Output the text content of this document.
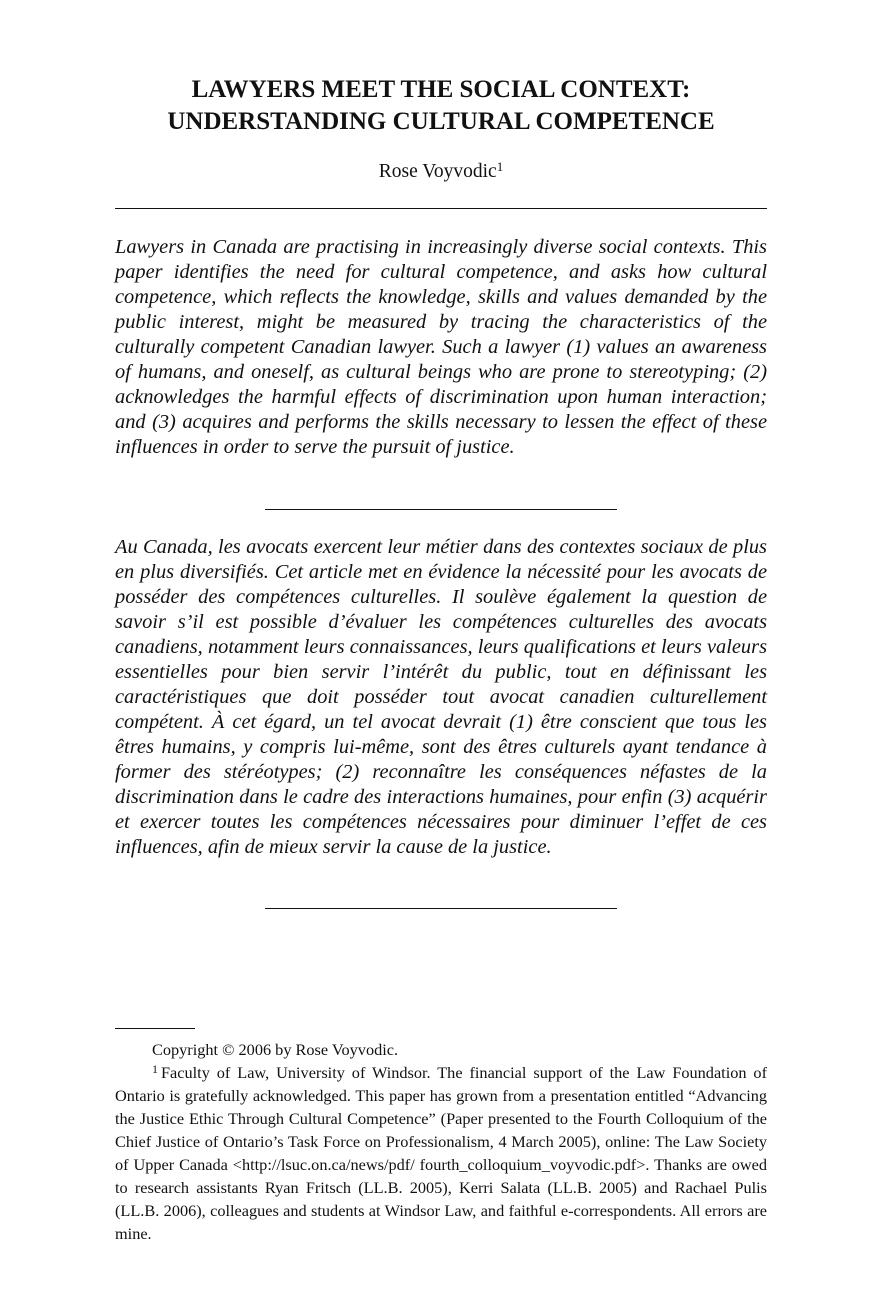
LAWYERS MEET THE SOCIAL CONTEXT:
UNDERSTANDING CULTURAL COMPETENCE
Rose Voyvodic$^1$

Lawyers in Canada are practising in increasingly diverse social contexts. This paper identifies the need for cultural competence, and asks how cultural competence, which reflects the knowledge, skills and values demanded by the public interest, might be measured by tracing the characteristics of the culturally competent Canadian lawyer. Such a lawyer (1) values an awareness of humans, and oneself, as cultural beings who are prone to stereotyping; (2) acknowledges the harmful effects of discrimination upon human interaction; and (3) acquires and performs the skills necessary to lessen the effect of these influences in order to serve the pursuit of justice.

Au Canada, les avocats exercent leur métier dans des contextes sociaux de plus en plus diversifiés. Cet article met en évidence la nécessité pour les avocats de posséder des compétences culturelles. Il soulève également la question de savoir s’il est possible d’évaluer les compétences culturelles des avocats canadiens, notamment leurs connaissances, leurs qualifications et leurs valeurs essentielles pour bien servir l’intérêt du public, tout en définissant les caractéristiques que doit posséder tout avocat canadien culturellement compétent. À cet égard, un tel avocat devrait (1) être conscient que tous les êtres humains, y compris lui-même, sont des êtres culturels ayant tendance à former des stéréotypes; (2) reconnaître les conséquences néfastes de la discrimination dans le cadre des interactions humaines, pour enfin (3) acquérir et exercer toutes les compétences nécessaires pour diminuer l’effet de ces influences, afin de mieux servir la cause de la justice.

Copyright © 2006 by Rose Voyvodic.

$^1$ Faculty of Law, University of Windsor. The financial support of the Law Foundation of Ontario is gratefully acknowledged. This paper has grown from a presentation entitled “Advancing the Justice Ethic Through Cultural Competence” (Paper presented to the Fourth Colloquium of the Chief Justice of Ontario’s Task Force on Professionalism, 4 March 2005), online: The Law Society of Upper Canada <http://lsuc.on.ca/news/pdf/ fourth_colloquium_voyvodic.pdf>. Thanks are owed to research assistants Ryan Fritsch (LL.B. 2005), Kerri Salata (LL.B. 2005) and Rachael Pulis (LL.B. 2006), colleagues and students at Windsor Law, and faithful e-correspondents. All errors are mine.
